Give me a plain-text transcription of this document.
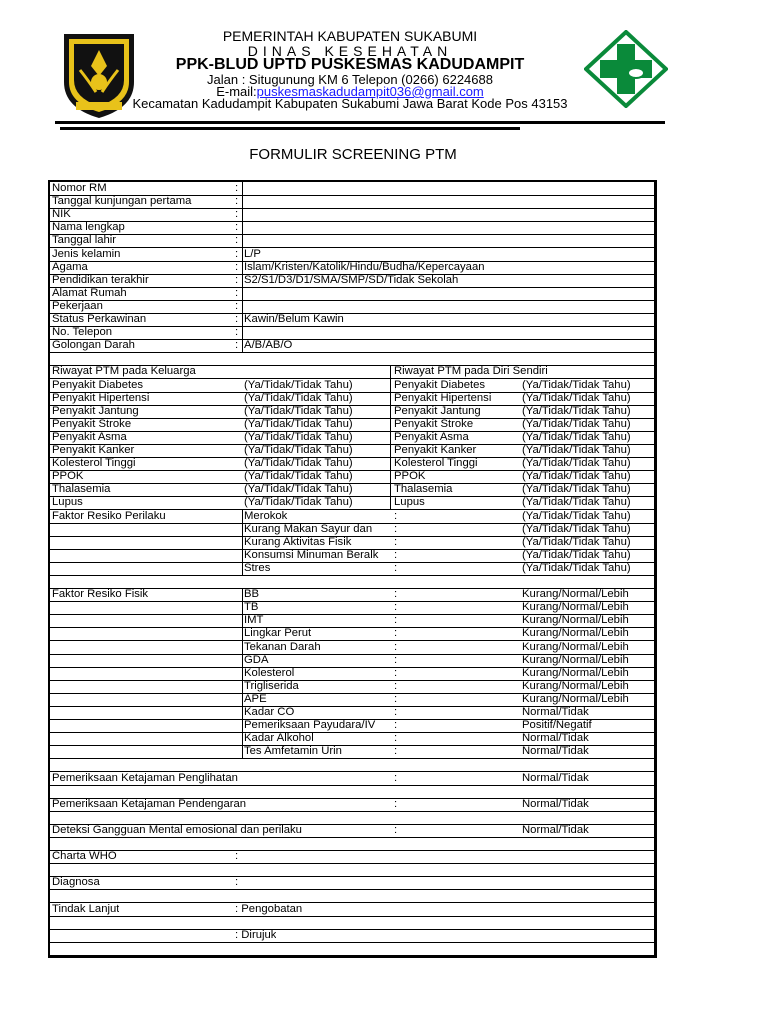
PEMERINTAH KABUPATEN SUKABUMI
DINAS KESEHATAN
PPK-BLUD UPTD PUSKESMAS KADUDAMPIT
Jalan : Situgunung KM 6 Telepon (0266) 6224688
E-mail:puskesmaskadudampit036@gmail.com
Kecamatan Kadudampit Kabupaten Sukabumi Jawa Barat Kode Pos 43153
FORMULIR SCREENING PTM
Nomor RM	:
Tanggal kunjungan pertama	:
NIK	:
Nama lengkap	:
Tanggal lahir	:
Jenis kelamin	: L/P
Agama	: Islam/Kristen/Katolik/Hindu/Budha/Kepercayaan
Pendidikan terakhir	: S2/S1/D3/D1/SMA/SMP/SD/Tidak Sekolah
Alamat Rumah	:
Pekerjaan	:
Status Perkawinan	: Kawin/Belum Kawin
No. Telepon	:
Golongan Darah	: A/B/AB/O
Riwayat PTM pada Keluarga	Riwayat PTM pada Diri Sendiri
Penyakit Diabetes	(Ya/Tidak/Tidak Tahu)	Penyakit Diabetes	(Ya/Tidak/Tidak Tahu)
Penyakit Hipertensi	(Ya/Tidak/Tidak Tahu)	Penyakit Hipertensi	(Ya/Tidak/Tidak Tahu)
Penyakit Jantung	(Ya/Tidak/Tidak Tahu)	Penyakit Jantung	(Ya/Tidak/Tidak Tahu)
Penyakit Stroke	(Ya/Tidak/Tidak Tahu)	Penyakit Stroke	(Ya/Tidak/Tidak Tahu)
Penyakit Asma	(Ya/Tidak/Tidak Tahu)	Penyakit Asma	(Ya/Tidak/Tidak Tahu)
Penyakit Kanker	(Ya/Tidak/Tidak Tahu)	Penyakit Kanker	(Ya/Tidak/Tidak Tahu)
Kolesterol Tinggi	(Ya/Tidak/Tidak Tahu)	Kolesterol Tinggi	(Ya/Tidak/Tidak Tahu)
PPOK	(Ya/Tidak/Tidak Tahu)	PPOK	(Ya/Tidak/Tidak Tahu)
Thalasemia	(Ya/Tidak/Tidak Tahu)	Thalasemia	(Ya/Tidak/Tidak Tahu)
Lupus	(Ya/Tidak/Tidak Tahu)	Lupus	(Ya/Tidak/Tidak Tahu)
Faktor Resiko Perilaku	Merokok	:	(Ya/Tidak/Tidak Tahu)
Kurang Makan Sayur dan	:	(Ya/Tidak/Tidak Tahu)
Kurang Aktivitas Fisik	:	(Ya/Tidak/Tidak Tahu)
Konsumsi Minuman Beralk	:	(Ya/Tidak/Tidak Tahu)
Stres	:	(Ya/Tidak/Tidak Tahu)
Faktor Resiko Fisik	BB	:	Kurang/Normal/Lebih
TB	:	Kurang/Normal/Lebih
IMT	:	Kurang/Normal/Lebih
Lingkar Perut	:	Kurang/Normal/Lebih
Tekanan Darah	:	Kurang/Normal/Lebih
GDA	:	Kurang/Normal/Lebih
Kolesterol	:	Kurang/Normal/Lebih
Trigliserida	:	Kurang/Normal/Lebih
APE	:	Kurang/Normal/Lebih
Kadar CO	:	Normal/Tidak
Pemeriksaan Payudara/IV	:	Positif/Negatif
Kadar Alkohol	:	Normal/Tidak
Tes Amfetamin Urin	:	Normal/Tidak
Pemeriksaan Ketajaman Penglihatan	:	Normal/Tidak
Pemeriksaan Ketajaman Pendengaran	:	Normal/Tidak
Deteksi Gangguan Mental emosional dan perilaku	:	Normal/Tidak
Charta WHO	:
Diagnosa	:
Tindak Lanjut	: Pengobatan
: Dirujuk
